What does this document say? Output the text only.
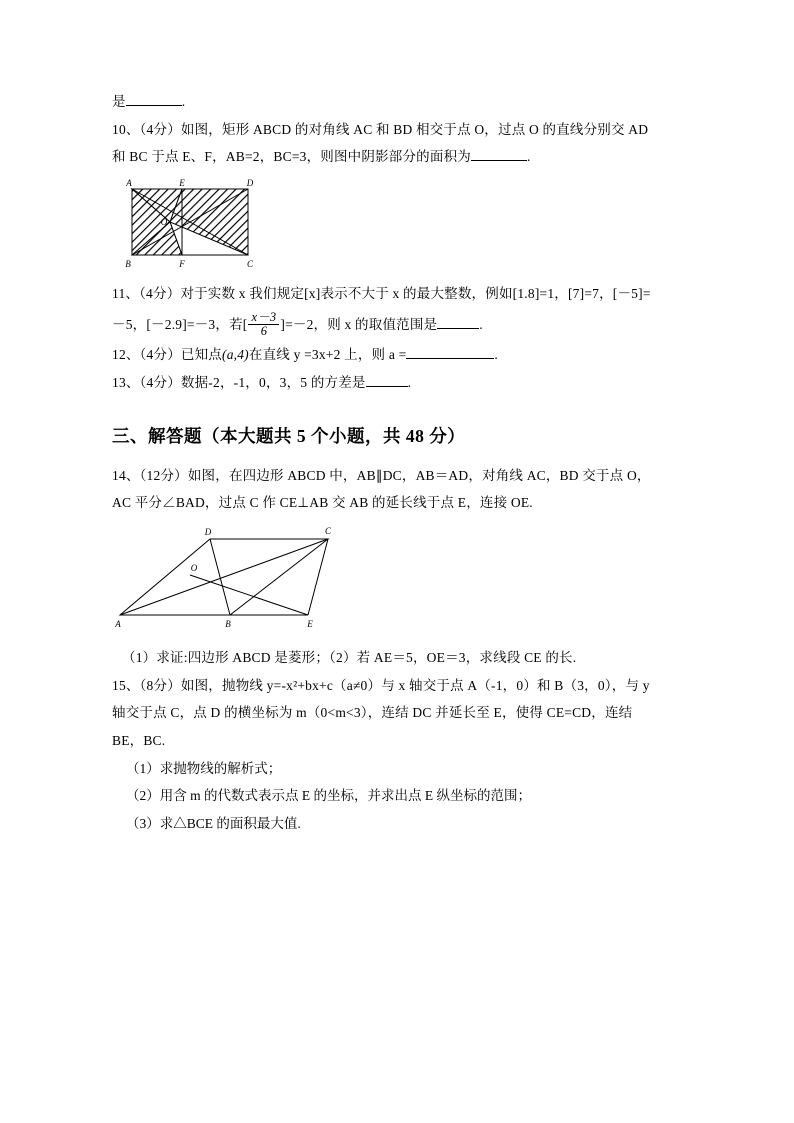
是	.
10、（4分）如图，矩形 ABCD 的对角线 AC 和 BD 相交于点 O，过点 O 的直线分别交 AD
和 BC 于点 E、F，AB=2，BC=3，则图中阴影部分的面积为	.
A	E	D
B	F	C
O
11、（4分）对于实数 x 我们规定[x]表示不大于 x 的最大整数，例如[1.8]=1，[7]=7，[－5]=
－5，[－2.9]=－3，若[ $\frac{x-3}{6} ]=-2$，则 x 的取值范围是	.
12、（4分）已知点(a,4)在直线 y =3x+2 上，则 a =	.
13、（4分）数据-2，-1，0，3，5 的方差是	.
三、解答题（本大题共 5 个小题，共 48 分）
14、（12分）如图，在四边形 ABCD 中，AB∥DC，AB＝AD，对角线 AC，BD 交于点 O，
AC 平分∠BAD，过点 C 作 CE⊥AB 交 AB 的延长线于点 E，连接 OE.
A	B	E
D	C
O
（1）求证:四边形 ABCD 是菱形；（2）若 AE＝5，OE＝3，求线段 CE 的长.
15、（8分）如图，抛物线 y=-x²+bx+c（a≠0）与 x 轴交于点 A（-1，0）和 B（3，0），与 y
轴交于点 C，点 D 的横坐标为 m（0<m<3），连结 DC 并延长至 E，使得 CE=CD，连结
BE，BC.
（1）求抛物线的解析式；
（2）用含 m 的代数式表示点 E 的坐标，并求出点 E 纵坐标的范围；
（3）求△BCE 的面积最大值.
